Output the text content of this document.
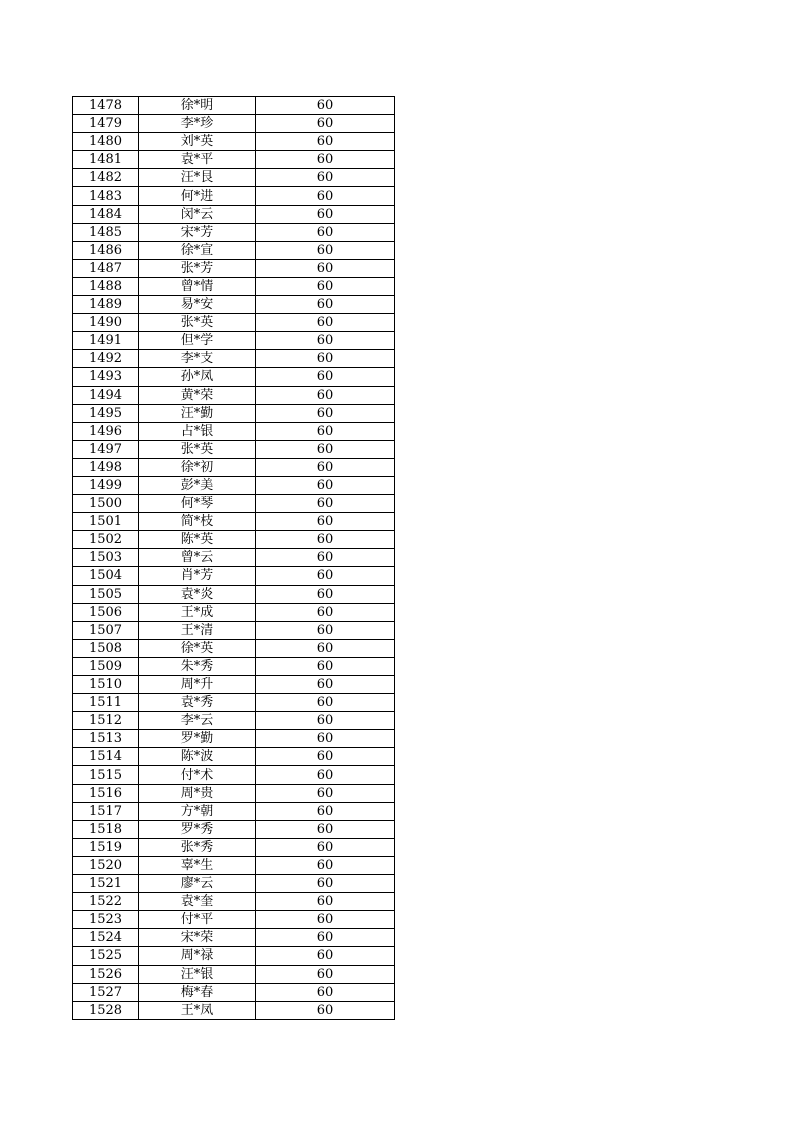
1478	徐*明	60
1479	李*珍	60
1480	刘*英	60
1481	袁*平	60
1482	汪*艮	60
1483	何*进	60
1484	闵*云	60
1485	宋*芳	60
1486	徐*宣	60
1487	张*芳	60
1488	曾*情	60
1489	易*安	60
1490	张*英	60
1491	但*学	60
1492	李*支	60
1493	孙*凤	60
1494	黄*荣	60
1495	汪*勤	60
1496	占*银	60
1497	张*英	60
1498	徐*初	60
1499	彭*美	60
1500	何*琴	60
1501	简*枝	60
1502	陈*英	60
1503	曾*云	60
1504	肖*芳	60
1505	袁*炎	60
1506	王*成	60
1507	王*清	60
1508	徐*英	60
1509	朱*秀	60
1510	周*升	60
1511	袁*秀	60
1512	李*云	60
1513	罗*勤	60
1514	陈*波	60
1515	付*术	60
1516	周*贵	60
1517	方*朝	60
1518	罗*秀	60
1519	张*秀	60
1520	辜*生	60
1521	廖*云	60
1522	袁*奎	60
1523	付*平	60
1524	宋*荣	60
1525	周*禄	60
1526	汪*银	60
1527	梅*春	60
1528	王*凤	60
